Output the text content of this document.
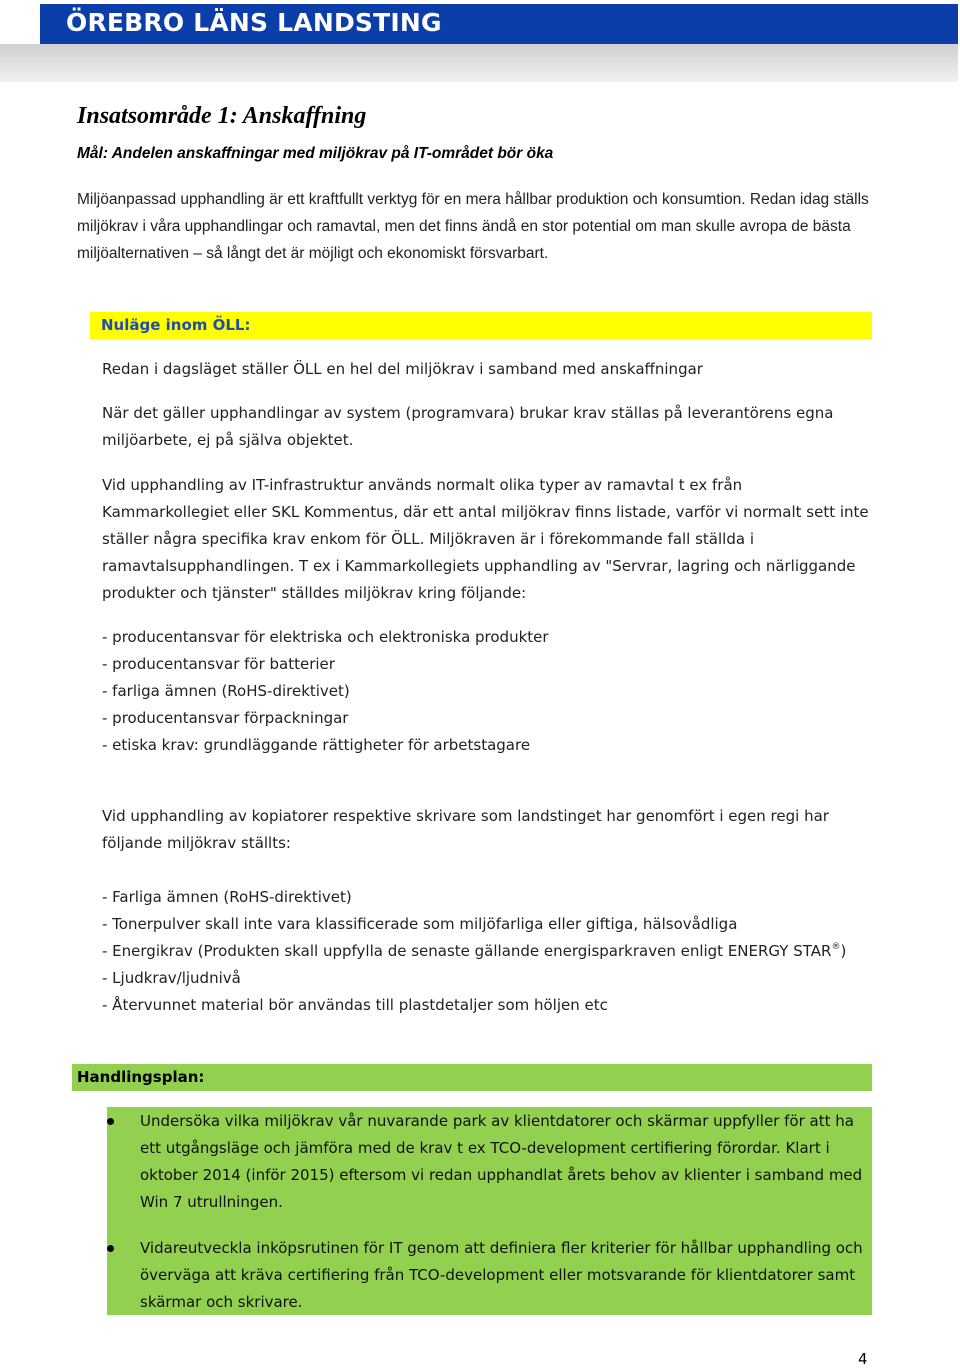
ÖREBRO LÄNS LANDSTING
Insatsområde 1: Anskaffning
Mål: Andelen anskaffningar med miljökrav på IT-området bör öka
Miljöanpassad upphandling är ett kraftfullt verktyg för en mera hållbar produktion och konsumtion. Redan idag ställs miljökrav i våra upphandlingar och ramavtal, men det finns ändå en stor potential om man skulle avropa de bästa miljöalternativen – så långt det är möjligt och ekonomiskt försvarbart.
Nuläge inom ÖLL:
Redan i dagsläget ställer ÖLL en hel del miljökrav i samband med anskaffningar
När det gäller upphandlingar av system (programvara) brukar krav ställas på leverantörens egna miljöarbete, ej på själva objektet.
Vid upphandling av IT-infrastruktur används normalt olika typer av ramavtal t ex från Kammarkollegiet eller SKL Kommentus, där ett antal miljökrav finns listade, varför vi normalt sett inte ställer några specifika krav enkom för ÖLL. Miljökraven är i förekommande fall ställda i ramavtalsupphandlingen. T ex i Kammarkollegiets upphandling av "Servrar, lagring och närliggande produkter och tjänster" ställdes miljökrav kring följande:
- producentansvar för elektriska och elektroniska produkter
- producentansvar för batterier
- farliga ämnen (RoHS-direktivet)
- producentansvar förpackningar
- etiska krav: grundläggande rättigheter för arbetstagare
Vid upphandling av kopiatorer respektive skrivare som landstinget har genomfört i egen regi har följande miljökrav ställts:
- Farliga ämnen (RoHS-direktivet)
- Tonerpulver skall inte vara klassificerade som miljöfarliga eller giftiga, hälsovådliga
- Energikrav (Produkten skall uppfylla de senaste gällande energisparkraven enligt ENERGY STAR®)
- Ljudkrav/ljudnivå
- Återvunnet material bör användas till plastdetaljer som höljen etc
Handlingsplan:
Undersöka vilka miljökrav vår nuvarande park av klientdatorer och skärmar uppfyller för att ha ett utgångsläge och jämföra med de krav t ex TCO-development certifiering förordar. Klart i oktober 2014 (inför 2015) eftersom vi redan upphandlat årets behov av klienter i samband med Win 7 utrullningen.
Vidareutveckla inköpsrutinen för IT genom att definiera fler kriterier för hållbar upphandling och överväga att kräva certifiering från TCO-development eller motsvarande för klientdatorer samt skärmar och skrivare.
4
